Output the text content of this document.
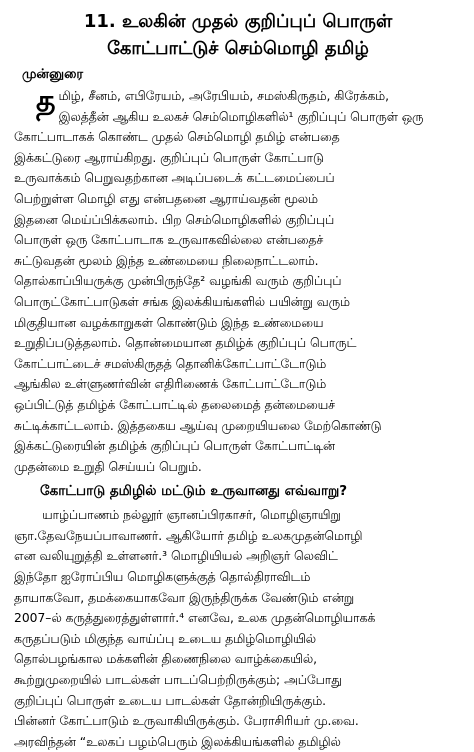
11. உலகின் முதல் குறிப்புப் பொருள்
கோட்பாட்டுச் செம்மொழி தமிழ்
முன்னுரை
த மிழ், சீனம், எபிரேயம், அரேபியம், சமஸ்கிருதம், கிரேக்கம்,
இலத்தீன் ஆகிய உலகச் செம்மொழிகளில்¹ குறிப்புப் பொருள் ஒரு
கோட்பாடாகக் கொண்ட முதல் செம்மொழி தமிழ் என்பதை
இக்கட்டுரை ஆராய்கிறது. குறிப்புப் பொருள் கோட்பாடு
உருவாக்கம் பெறுவதற்கான அடிப்படைக் கட்டமைப்பைப்
பெற்றுள்ள மொழி எது என்பதனை ஆராய்வதன் மூலம்
இதனை மெய்ப்பிக்கலாம். பிற செம்மொழிகளில் குறிப்புப்
பொருள் ஒரு கோட்பாடாக உருவாகவில்லை என்பதைச்
சுட்டுவதன் மூலம் இந்த உண்மையை நிலைநாட்டலாம்.
தொல்காப்பியருக்கு முன்பிருந்தே² வழங்கி வரும் குறிப்புப்
பொருட்கோட்பாடுகள் சங்க இலக்கியங்களில் பயின்று வரும்
மிகுதியான வழக்காறுகள் கொண்டும் இந்த உண்மையை
உறுதிப்படுத்தலாம். தொன்மையான தமிழ்க் குறிப்புப் பொருட்
கோட்பாட்டைச் சமஸ்கிருதத் தொனிக்கோட்பாட்டோடும்
ஆங்கில உள்ளுணர்வின் எதிரிணைக் கோட்பாட்டோடும்
ஒப்பிட்டுத் தமிழ்க் கோட்பாட்டில் தலைமைத் தன்மையைச்
சுட்டிக்காட்டலாம். இத்தகைய ஆய்வு முறையியலை மேற்கொண்டு
இக்கட்டுரையின் தமிழ்க் குறிப்புப் பொருள் கோட்பாட்டின்
முதன்மை உறுதி செய்யப் பெறும்.
கோட்பாடு தமிழில் மட்டும் உருவானது எவ்வாறு?
யாழ்ப்பாணம் நல்லூர் ஞானப்பிரகாசர், மொழிஞாயிறு
ஞா.தேவநேயப்பாவாணர். ஆகியோர் தமிழ் உலகமுதன்மொழி
என வலியுறுத்தி உள்ளனர்.³ மொழியியல் அறிஞர் லெவிட்
இந்தோ ஐரோப்பிய மொழிகளுக்குத் தொல்திராவிடம்
தாயாகவோ, தமக்கையாகவோ இருந்திருக்க வேண்டும் என்று
2007–ல் கருத்துரைத்துள்ளார்.⁴ எனவே, உலக முதன்மொழியாகக்
கருதப்படும் மிகுந்த வாய்ப்பு உடைய தமிழ்மொழியில்
தொல்பழங்கால மக்களின் திணைநிலை வாழ்க்கையில்,
கூற்றுமுறையில் பாடல்கள் பாடப்பெற்றிருக்கும்; அப்போது
குறிப்புப் பொருள் உடைய பாடல்கள் தோன்றியிருக்கும்.
பின்னர் கோட்பாடும் உருவாகியிருக்கும். பேராசிரியர் மு.வை.
அரவிந்தன் “உலகப் பழம்பெரும் இலக்கியங்களில் தமிழில்
